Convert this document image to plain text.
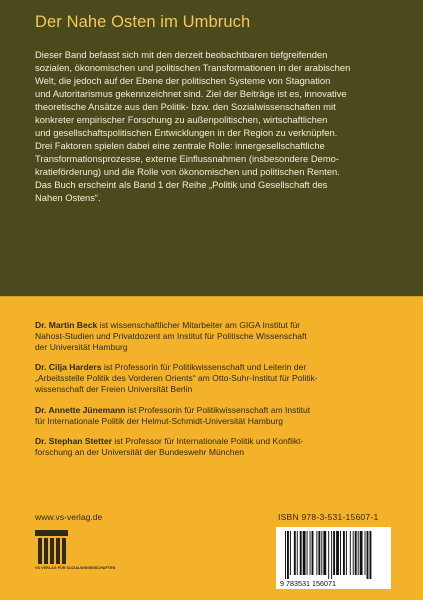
Der Nahe Osten im Umbruch
Dieser Band befasst sich mit den derzeit beobachtbaren tiefgreifenden
sozialen, ökonomischen und politischen Transformationen in der arabischen
Welt, die jedoch auf der Ebene der politischen Systeme von Stagnation
und Autoritarismus gekennzeichnet sind. Ziel der Beiträge ist es, innovative
theoretische Ansätze aus den Politik- bzw. den Sozialwissenschaften mit
konkreter empirischer Forschung zu außenpolitischen, wirtschaftlichen
und gesellschaftspolitischen Entwicklungen in der Region zu verknüpfen.
Drei Faktoren spielen dabei eine zentrale Rolle: innergesellschaftliche
Transformationsprozesse, externe Einflussnahmen (insbesondere Demo-
kratieförderung) und die Rolle von ökonomischen und politischen Renten.
Das Buch erscheint als Band 1 der Reihe „Politik und Gesellschaft des
Nahen Ostens“.
Dr. Martin Beck ist wissenschaftlicher Mitarbeiter am GIGA Institut für
Nahost-Studien und Privatdozent am Institut für Politische Wissenschaft
der Universität Hamburg
Dr. Cilja Harders ist Professorin für Politikwissenschaft und Leiterin der
„Arbeitsstelle Politik des Vorderen Orients“ am Otto-Suhr-Institut für Politik-
wissenschaft der Freien Universität Berlin
Dr. Annette Jünemann ist Professorin für Politikwissenschaft am Institut
für Internationale Politik der Helmut-Schmidt-Universität Hamburg
Dr. Stephan Stetter ist Professor für Internationale Politik und Konflikt-
forschung an der Universität der Bundeswehr München
www.vs-verlag.de
VS VERLAG FÜR SOZIALWISSENSCHAFTEN
ISBN 978-3-531-15607-1
9 783531 156071
